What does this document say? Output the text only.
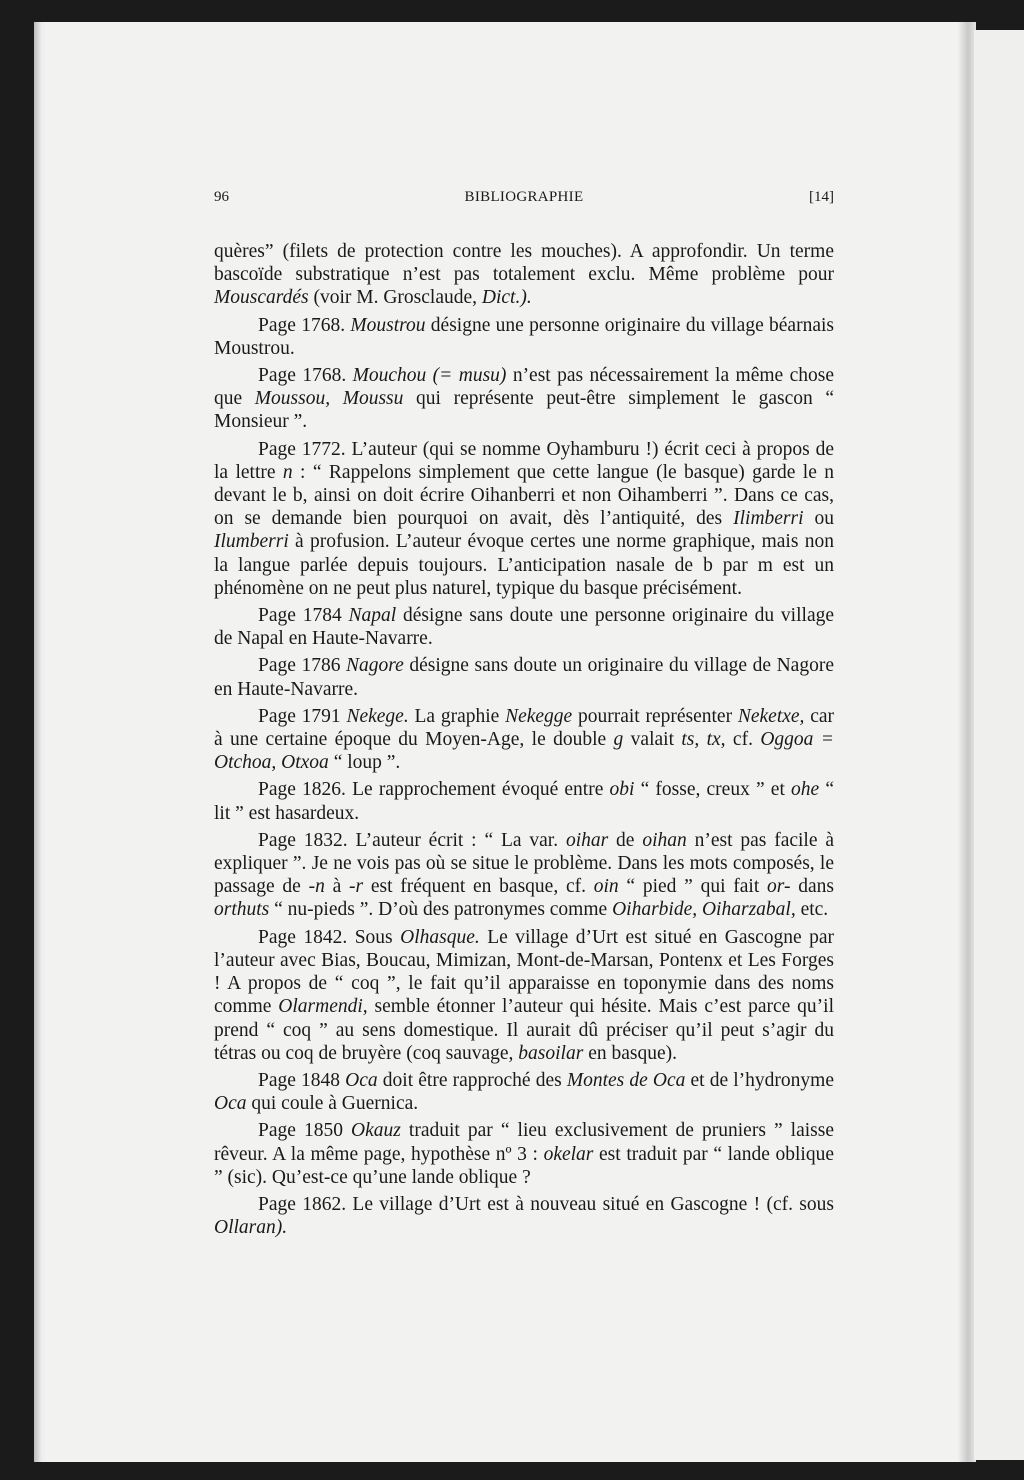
96	BIBLIOGRAPHIE	[14]

quères” (filets de protection contre les mouches). A approfondir. Un terme bascoïde substratique n’est pas totalement exclu. Même problème pour Mouscardés (voir M. Grosclaude, Dict.).

Page 1768. Moustrou désigne une personne originaire du village béarnais Moustrou.

Page 1768. Mouchou (= musu) n’est pas nécessairement la même chose que Moussou, Moussu qui représente peut-être simplement le gascon “ Monsieur ”.

Page 1772. L’auteur (qui se nomme Oyhamburu !) écrit ceci à propos de la lettre n : “ Rappelons simplement que cette langue (le basque) garde le n devant le b, ainsi on doit écrire Oihanberri et non Oihamberri ”. Dans ce cas, on se demande bien pourquoi on avait, dès l’antiquité, des Ilimberri ou Ilumberri à profusion. L’auteur évoque certes une norme graphique, mais non la langue parlée depuis toujours. L’anticipation nasale de b par m est un phénomène on ne peut plus naturel, typique du basque précisément.

Page 1784 Napal désigne sans doute une personne originaire du village de Napal en Haute-Navarre.

Page 1786 Nagore désigne sans doute un originaire du village de Nagore en Haute-Navarre.

Page 1791 Nekege. La graphie Nekegge pourrait représenter Neketxe, car à une certaine époque du Moyen-Age, le double g valait ts, tx, cf. Oggoa = Otchoa, Otxoa “ loup ”.

Page 1826. Le rapprochement évoqué entre obi “ fosse, creux ” et ohe “ lit ” est hasardeux.

Page 1832. L’auteur écrit : “ La var. oihar de oihan n’est pas facile à expliquer ”. Je ne vois pas où se situe le problème. Dans les mots composés, le passage de -n à -r est fréquent en basque, cf. oin “ pied ” qui fait or- dans orthuts “ nu-pieds ”. D’où des patronymes comme Oiharbide, Oiharzabal, etc.

Page 1842. Sous Olhasque. Le village d’Urt est situé en Gascogne par l’auteur avec Bias, Boucau, Mimizan, Mont-de-Marsan, Pontenx et Les Forges ! A propos de “ coq ”, le fait qu’il apparaisse en toponymie dans des noms comme Olarmendi, semble étonner l’auteur qui hésite. Mais c’est parce qu’il prend “ coq ” au sens domestique. Il aurait dû préciser qu’il peut s’agir du tétras ou coq de bruyère (coq sauvage, basoilar en basque).

Page 1848 Oca doit être rapproché des Montes de Oca et de l’hydronyme Oca qui coule à Guernica.

Page 1850 Okauz traduit par “ lieu exclusivement de pruniers ” laisse rêveur. A la même page, hypothèse nº 3 : okelar est traduit par “ lande oblique ” (sic). Qu’est-ce qu’une lande oblique ?

Page 1862. Le village d’Urt est à nouveau situé en Gascogne ! (cf. sous Ollaran).
